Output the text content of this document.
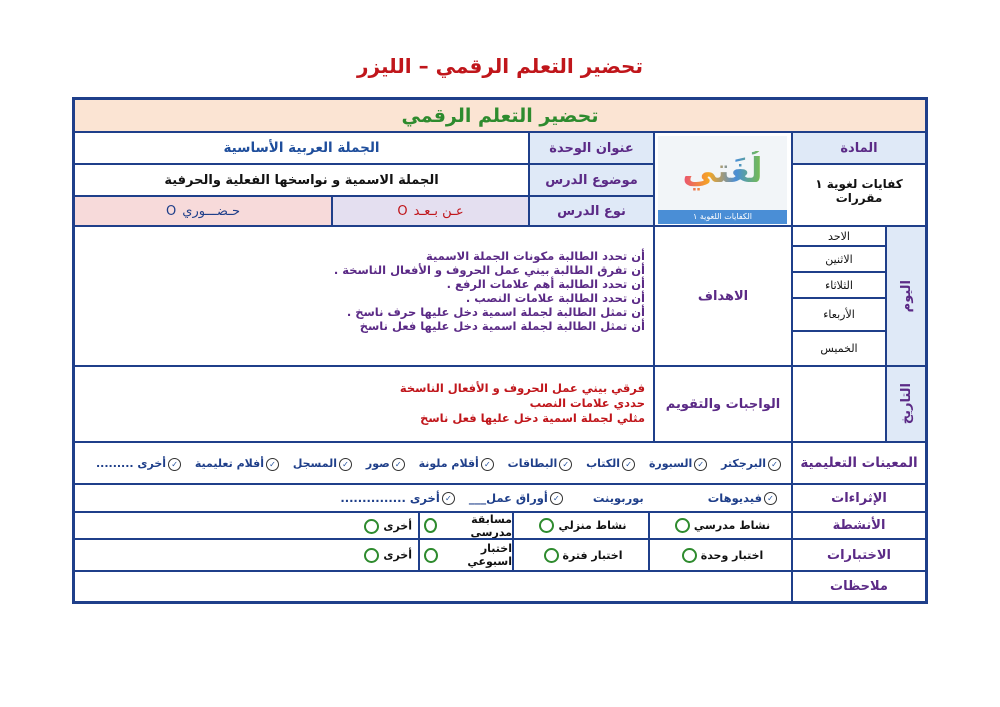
تحضير التعلم الرقمي – الليزر
تحضير التعلم الرقمي
المادة
كفايات لغوية ١
مقررات
لُغَتي
الكفايات اللغوية ١
عنوان الوحدة
الجملة العربية الأساسية
موضوع الدرس
الجملة الاسمية و نواسخها الفعلية والحرفية
نوع الدرس
عـن بـعـد
O
حـضـــوري
O
اليوم
الاحد
الاثنين
الثلاثاء
الأربعاء
الخميس
الاهداف
أن تحدد الطالبة مكونات الجملة الاسمية
أن تفرق الطالبة بيني عمل الحروف و الأفعال الناسخة .
أن تحدد الطالبة أهم علامات الرفع .
أن تحدد الطالبة علامات النصب .
أن تمثل الطالبة لجملة اسمية دخل عليها حرف ناسخ .
أن تمثل الطالبة لجملة اسمية دخل عليها فعل ناسخ
التاريخ
الواجبات والتقويم
فرقي بيني عمل الحروف و الأفعال الناسخة
حددي علامات النصب
مثلي لجملة اسمية دخل عليها فعل ناسخ
المعينات التعليمية
✓البرجكتر ✓السبورة ✓الكتاب ✓البطاقات ✓أقلام ملونة ✓صور ✓المسجل ✓أفلام تعليمية ✓أخرى .........
الإثراءات
✓فيديوهات بوربوينت ✓أوراق عمل___ ✓أخرى ...............
الأنشطة
نشاط مدرسي
نشاط منزلي
مسابقة مدرسي
أخرى
الاختبارات
اختبار وحدة
اختبار فترة
اختبار اسبوعي
أخرى
ملاحظات
